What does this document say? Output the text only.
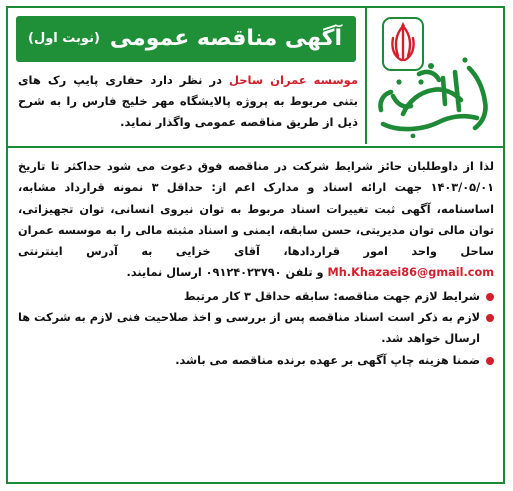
(نوبت اول) آگهی مناقصه عمومی
موسسه عمران ساحل در نظر دارد حفاری پایپ رک های بتنی مربوط به پروژه پالایشگاه مهر خلیج فارس را به شرح ذیل از طریق مناقصه عمومی واگذار نماید.

لذا از داوطلبان حائز شرایط شرکت در مناقصه فوق دعوت می شود حداکثر تا تاریخ ۱۴۰۳/۰۵/۰۱ جهت ارائه اسناد و مدارک اعم از: حداقل ۳ نمونه قرارداد مشابه، اساسنامه، آگهی ثبت تغییرات اسناد مربوط به توان نیروی انسانی، توان تجهیزاتی، توان مالی توان مدیریتی، حسن سابقه، ایمنی و اسناد مثبته مالی را به موسسه عمران ساحل واحد امور قراردادها، آقای خزایی به آدرس اینترنتی Mh.Khazaei86@gmail.com و تلفن ۰۹۱۲۴۰۲۳۷۹۰ ارسال نمایند.

شرایط لازم جهت مناقصه: سابقه حداقل ۳ کار مرتبط
لازم به ذکر است اسناد مناقصه پس از بررسی و اخذ صلاحیت فنی لازم به شرکت ها ارسال خواهد شد.
ضمنا هزینه چاپ آگهی بر عهده برنده مناقصه می باشد.
